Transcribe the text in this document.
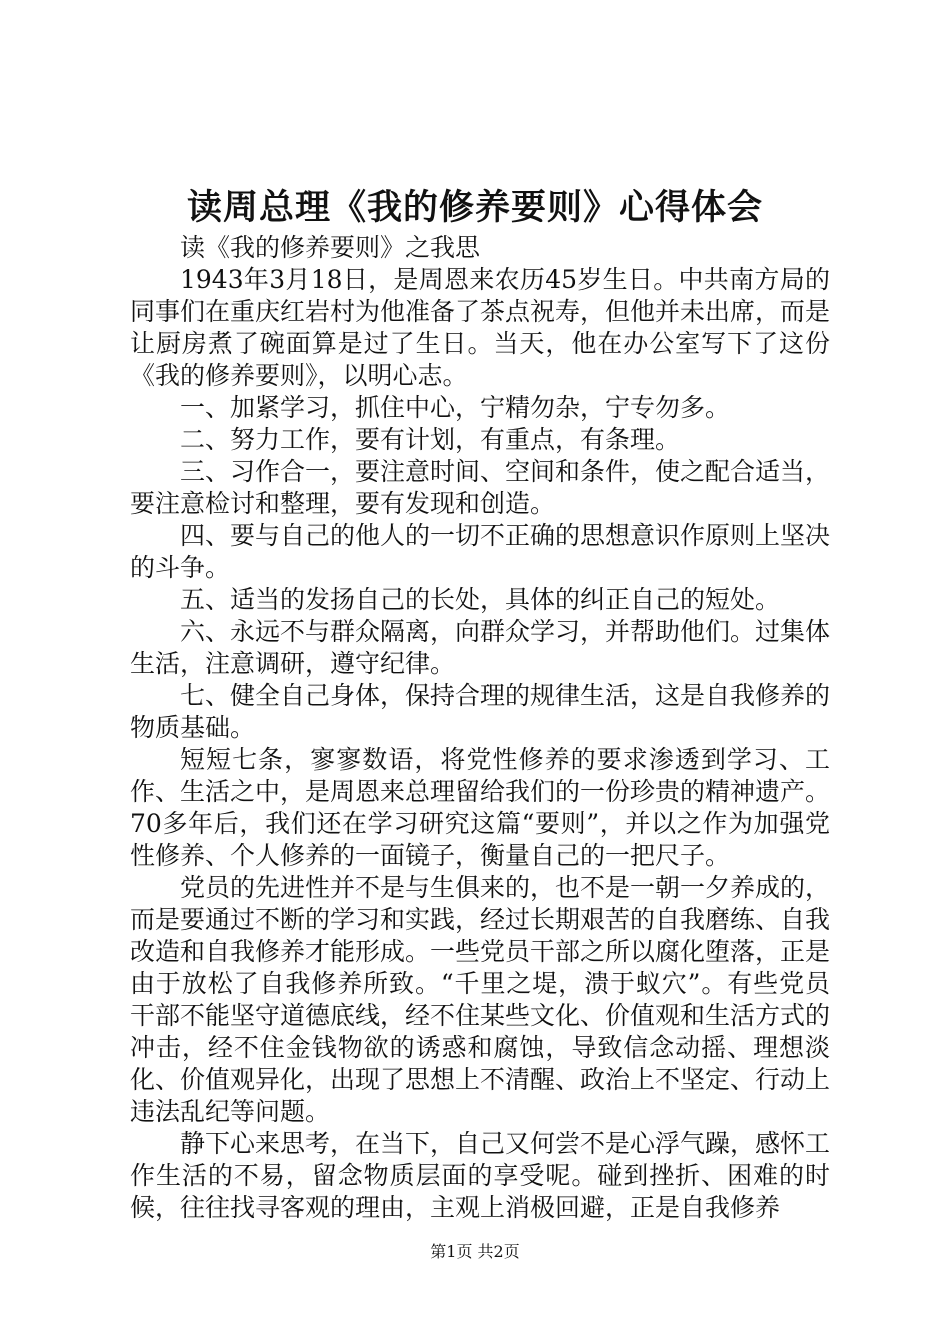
读周总理《我的修养要则》心得体会

读《我的修养要则》之我思

1943年3月18日，是周恩来农历45岁生日。中共南方局的同事们在重庆红岩村为他准备了茶点祝寿，但他并未出席，而是让厨房煮了碗面算是过了生日。当天，他在办公室写下了这份《我的修养要则》，以明心志。

一、加紧学习，抓住中心，宁精勿杂，宁专勿多。

二、努力工作，要有计划，有重点，有条理。

三、习作合一，要注意时间、空间和条件，使之配合适当，要注意检讨和整理，要有发现和创造。

四、要与自己的他人的一切不正确的思想意识作原则上坚决的斗争。

五、适当的发扬自己的长处，具体的纠正自己的短处。

六、永远不与群众隔离，向群众学习，并帮助他们。过集体生活，注意调研，遵守纪律。

七、健全自己身体，保持合理的规律生活，这是自我修养的物质基础。

短短七条，寥寥数语，将党性修养的要求渗透到学习、工作、生活之中，是周恩来总理留给我们的一份珍贵的精神遗产。70多年后，我们还在学习研究这篇“要则”，并以之作为加强党性修养、个人修养的一面镜子，衡量自己的一把尺子。

党员的先进性并不是与生俱来的，也不是一朝一夕养成的，而是要通过不断的学习和实践，经过长期艰苦的自我磨练、自我改造和自我修养才能形成。一些党员干部之所以腐化堕落，正是由于放松了自我修养所致。“千里之堤，溃于蚁穴”。有些党员干部不能坚守道德底线，经不住某些文化、价值观和生活方式的冲击，经不住金钱物欲的诱惑和腐蚀，导致信念动摇、理想淡化、价值观异化，出现了思想上不清醒、政治上不坚定、行动上违法乱纪等问题。

静下心来思考，在当下，自己又何尝不是心浮气躁，感怀工作生活的不易，留念物质层面的享受呢。碰到挫折、困难的时候，往往找寻客观的理由，主观上消极回避，正是自我修养

第1页 共2页
